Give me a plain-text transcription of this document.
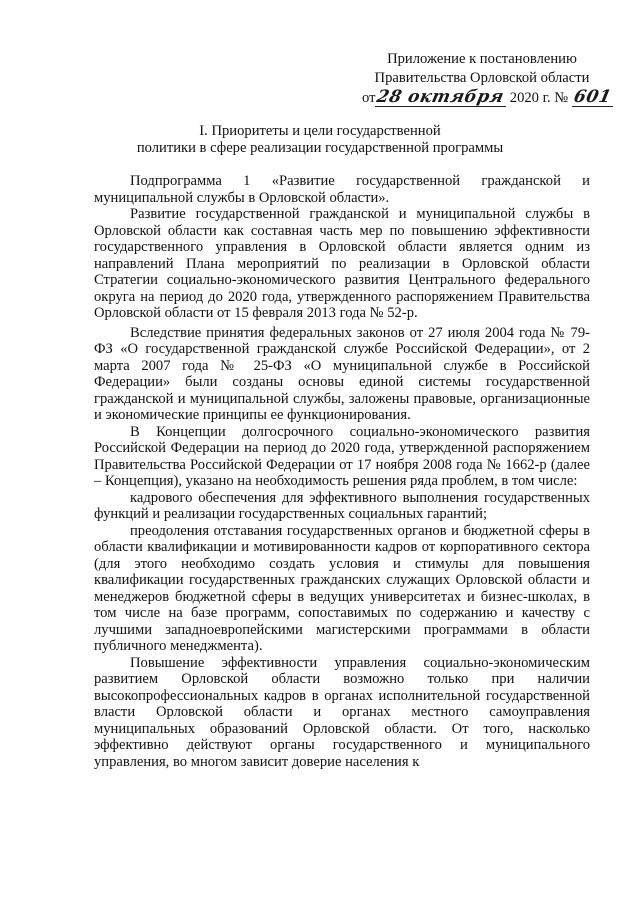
Приложение к постановлению
Правительства Орловской области
от28 октября 2020 г. № 601
I. Приоритеты и цели государственной
политики в сфере реализации государственной программы

Подпрограмма 1 «Развитие государственной гражданской и муниципальной службы в Орловской области».

Развитие государственной гражданской и муниципальной службы в Орловской области как составная часть мер по повышению эффективности государственного управления в Орловской области является одним из направлений Плана мероприятий по реализации в Орловской области Стратегии социально-экономического развития Центрального федерального округа на период до 2020 года, утвержденного распоряжением Правительства Орловской области от 15 февраля 2013 года № 52-р.

Вследствие принятия федеральных законов от 27 июля 2004 года № 79-ФЗ «О государственной гражданской службе Российской Федерации», от 2 марта 2007 года № 25-ФЗ «О муниципальной службе в Российской Федерации» были созданы основы единой системы государственной гражданской и муниципальной службы, заложены правовые, организационные и экономические принципы ее функционирования.

В Концепции долгосрочного социально-экономического развития Российской Федерации на период до 2020 года, утвержденной распоряжением Правительства Российской Федерации от 17 ноября 2008 года № 1662-р (далее – Концепция), указано на необходимость решения ряда проблем, в том числе:

кадрового обеспечения для эффективного выполнения государственных функций и реализации государственных социальных гарантий;

преодоления отставания государственных органов и бюджетной сферы в области квалификации и мотивированности кадров от корпоративного сектора (для этого необходимо создать условия и стимулы для повышения квалификации государственных гражданских служащих Орловской области и менеджеров бюджетной сферы в ведущих университетах и бизнес-школах, в том числе на базе программ, сопоставимых по содержанию и качеству с лучшими западноевропейскими магистерскими программами в области публичного менеджмента).

Повышение эффективности управления социально-экономическим развитием Орловской области возможно только при наличии высокопрофессиональных кадров в органах исполнительной государственной власти Орловской области и органах местного самоуправления муниципальных образований Орловской области. От того, насколько эффективно действуют органы государственного и муниципального управления, во многом зависит доверие населения к
